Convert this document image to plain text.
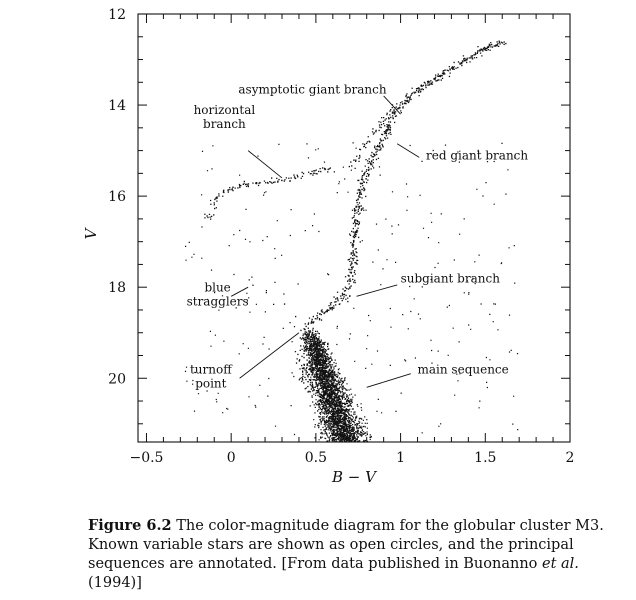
asymptotic giant branch
horizontal
branch
red giant branch
subgiant branch
blue
stragglers
turnoff
point
main sequence
−0.5	0	0.5	1	1.5	2
12
14
16
18
20
B − V
V
Figure 6.2 The color-magnitude diagram for the globular cluster M3. Known variable stars are shown as open circles, and the principal sequences are annotated. [From data published in Buonanno et al. (1994)]
